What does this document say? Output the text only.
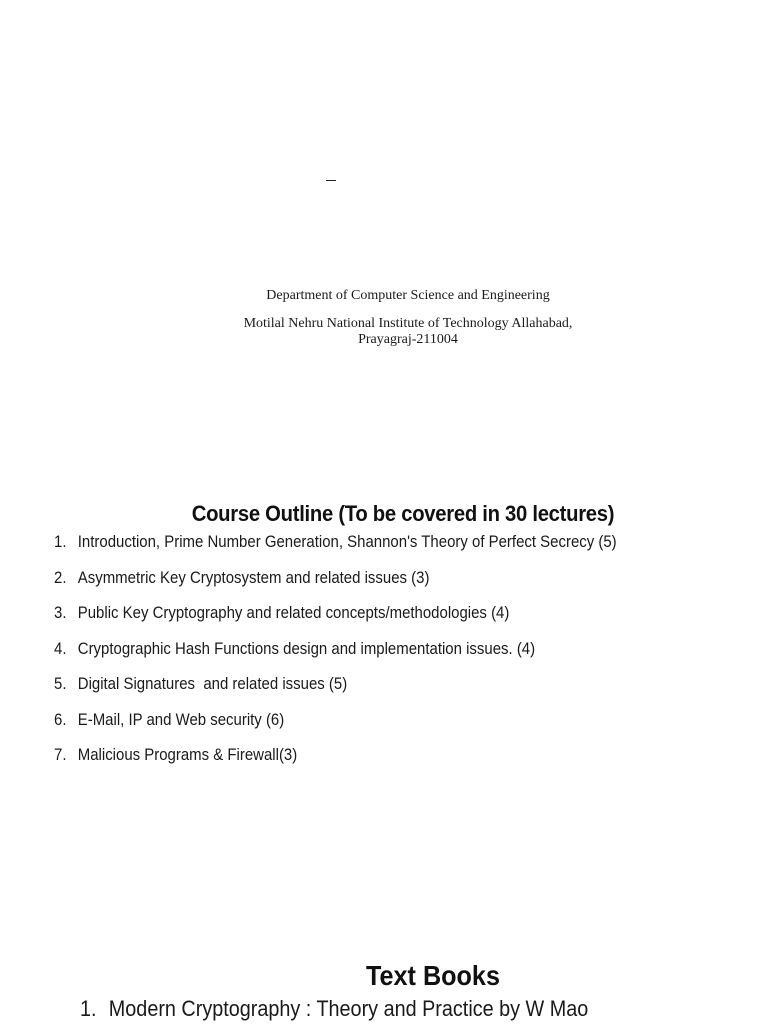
Department of Computer Science and Engineering
Motilal Nehru National Institute of Technology Allahabad,
Prayagraj-211004
Course Outline (To be covered in 30 lectures)
1. Introduction, Prime Number Generation, Shannon's Theory of Perfect Secrecy (5)
2. Asymmetric Key Cryptosystem and related issues (3)
3. Public Key Cryptography and related concepts/methodologies (4)
4. Cryptographic Hash Functions design and implementation issues. (4)
5. Digital Signatures  and related issues (5)
6. E-Mail, IP and Web security (6)
7. Malicious Programs & Firewall(3)
Text Books
1. Modern Cryptography : Theory and Practice by W Mao
